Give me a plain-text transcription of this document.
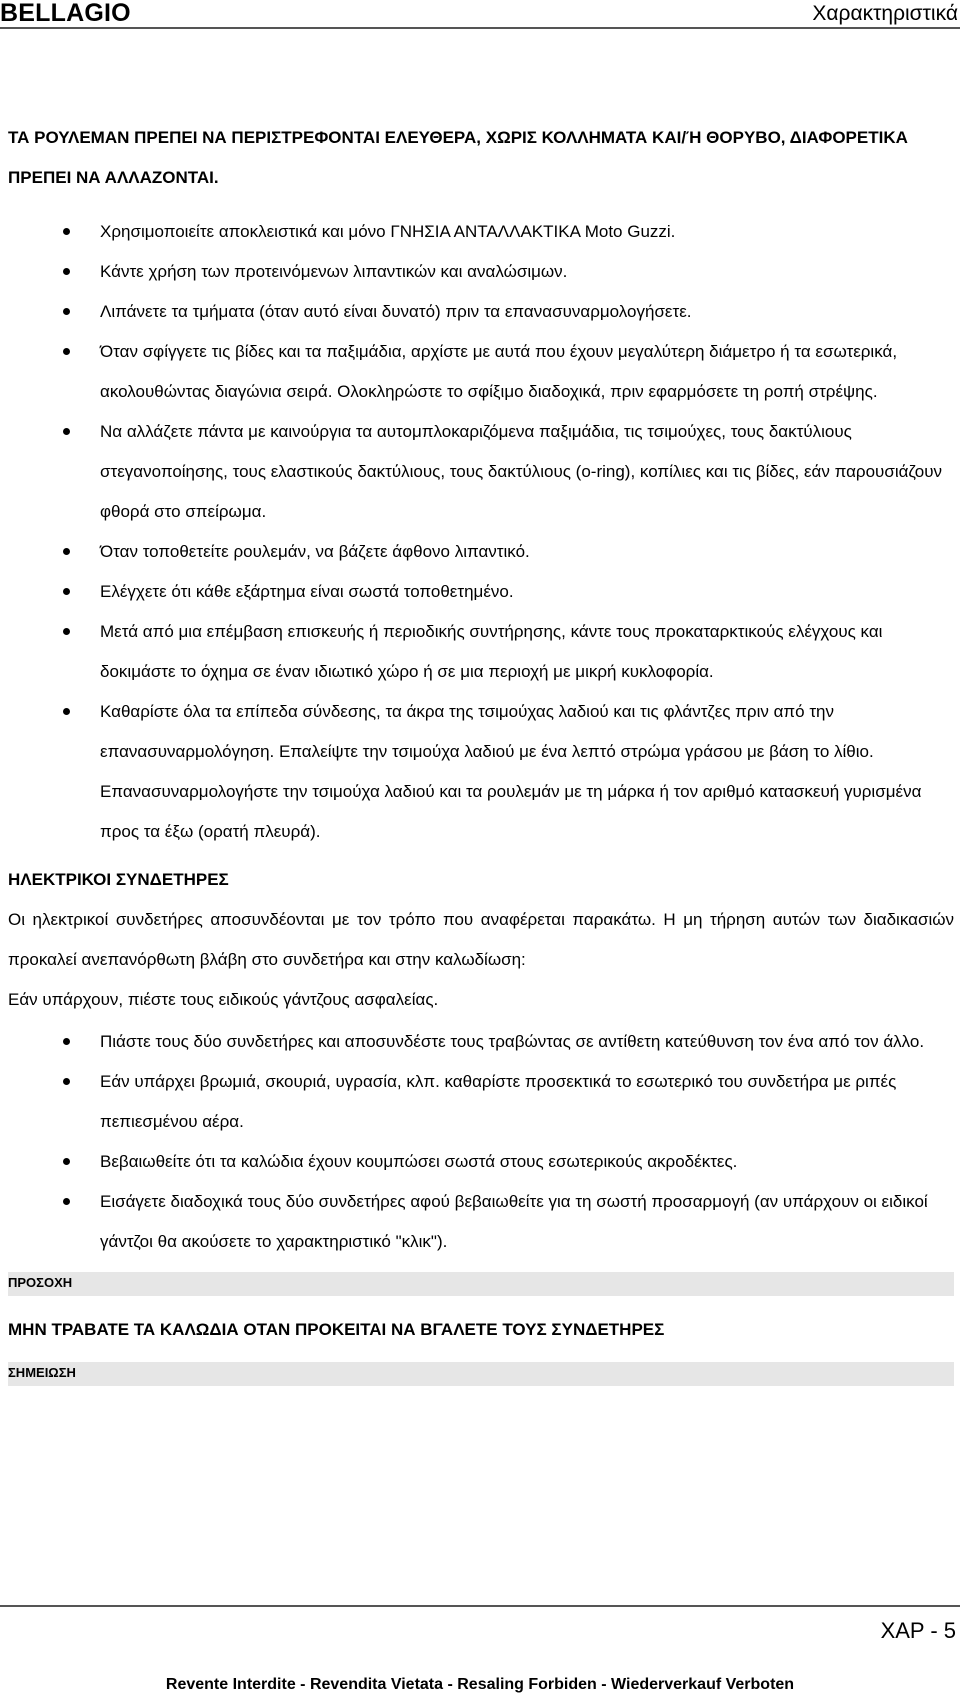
BELLAGIO	Χαρακτηριστικά

ΤΑ ΡΟΥΛΕΜΑΝ ΠΡΕΠΕΙ ΝΑ ΠΕΡΙΣΤΡΕΦΟΝΤΑΙ ΕΛΕΥΘΕΡΑ, ΧΩΡΙΣ ΚΟΛΛΗΜΑΤΑ ΚΑΙ/Ή ΘΟΡΥΒΟ, ΔΙΑΦΟΡΕΤΙΚΑ ΠΡΕΠΕΙ ΝΑ ΑΛΛΑΖΟΝΤΑΙ.

Χρησιμοποιείτε αποκλειστικά και μόνο ΓΝΗΣΙΑ ΑΝΤΑΛΛΑΚΤΙΚΑ Moto Guzzi.
Κάντε χρήση των προτεινόμενων λιπαντικών και αναλώσιμων.
Λιπάνετε τα τμήματα (όταν αυτό είναι δυνατό) πριν τα επανασυναρμολογήσετε.
Όταν σφίγγετε τις βίδες και τα παξιμάδια, αρχίστε με αυτά που έχουν μεγαλύτερη διάμετρο ή τα εσωτερικά, ακολουθώντας διαγώνια σειρά. Ολοκληρώστε το σφίξιμο διαδοχικά, πριν εφαρμόσετε τη ροπή στρέψης.
Να αλλάζετε πάντα με καινούργια τα αυτομπλοκαριζόμενα παξιμάδια, τις τσιμούχες, τους δακτύλιους στεγανοποίησης, τους ελαστικούς δακτύλιους, τους δακτύλιους (o-ring), κοπίλιες και τις βίδες, εάν παρουσιάζουν φθορά στο σπείρωμα.
Όταν τοποθετείτε ρουλεμάν, να βάζετε άφθονο λιπαντικό.
Ελέγχετε ότι κάθε εξάρτημα είναι σωστά τοποθετημένο.
Μετά από μια επέμβαση επισκευής ή περιοδικής συντήρησης, κάντε τους προκαταρκτικούς ελέγχους και δοκιμάστε το όχημα σε έναν ιδιωτικό χώρο ή σε μια περιοχή με μικρή κυκλοφορία.
Καθαρίστε όλα τα επίπεδα σύνδεσης, τα άκρα της τσιμούχας λαδιού και τις φλάντζες πριν από την επανασυναρμολόγηση. Επαλείψτε την τσιμούχα λαδιού με ένα λεπτό στρώμα γράσου με βάση το λίθιο. Επανασυναρμολογήστε την τσιμούχα λαδιού και τα ρουλεμάν με τη μάρκα ή τον αριθμό κατασκευή γυρισμένα προς τα έξω (ορατή πλευρά).

ΗΛΕΚΤΡΙΚΟΙ ΣΥΝΔΕΤΗΡΕΣ

Οι ηλεκτρικοί συνδετήρες αποσυνδέονται με τον τρόπο που αναφέρεται παρακάτω. Η μη τήρηση αυτών των διαδικασιών προκαλεί ανεπανόρθωτη βλάβη στο συνδετήρα και στην καλωδίωση:

Εάν υπάρχουν, πιέστε τους ειδικούς γάντζους ασφαλείας.

Πιάστε τους δύο συνδετήρες και αποσυνδέστε τους τραβώντας σε αντίθετη κατεύθυνση τον ένα από τον άλλο.
Εάν υπάρχει βρωμιά, σκουριά, υγρασία, κλπ. καθαρίστε προσεκτικά το εσωτερικό του συνδετήρα με ριπές πεπιεσμένου αέρα.
Βεβαιωθείτε ότι τα καλώδια έχουν κουμπώσει σωστά στους εσωτερικούς ακροδέκτες.
Εισάγετε διαδοχικά τους δύο συνδετήρες αφού βεβαιωθείτε για τη σωστή προσαρμογή (αν υπάρχουν οι ειδικοί γάντζοι θα ακούσετε το χαρακτηριστικό "κλικ").
ΠΡΟΣΟΧΗ

ΜΗΝ ΤΡΑΒΑΤΕ ΤΑ ΚΑΛΩΔΙΑ ΟΤΑΝ ΠΡΟΚΕΙΤΑΙ ΝΑ ΒΓΑΛΕΤΕ ΤΟΥΣ ΣΥΝΔΕΤΗΡΕΣ

ΣΗΜΕΙΩΣΗ
ΧΑΡ - 5
Revente Interdite - Revendita Vietata - Resaling Forbiden - Wiederverkauf Verboten
